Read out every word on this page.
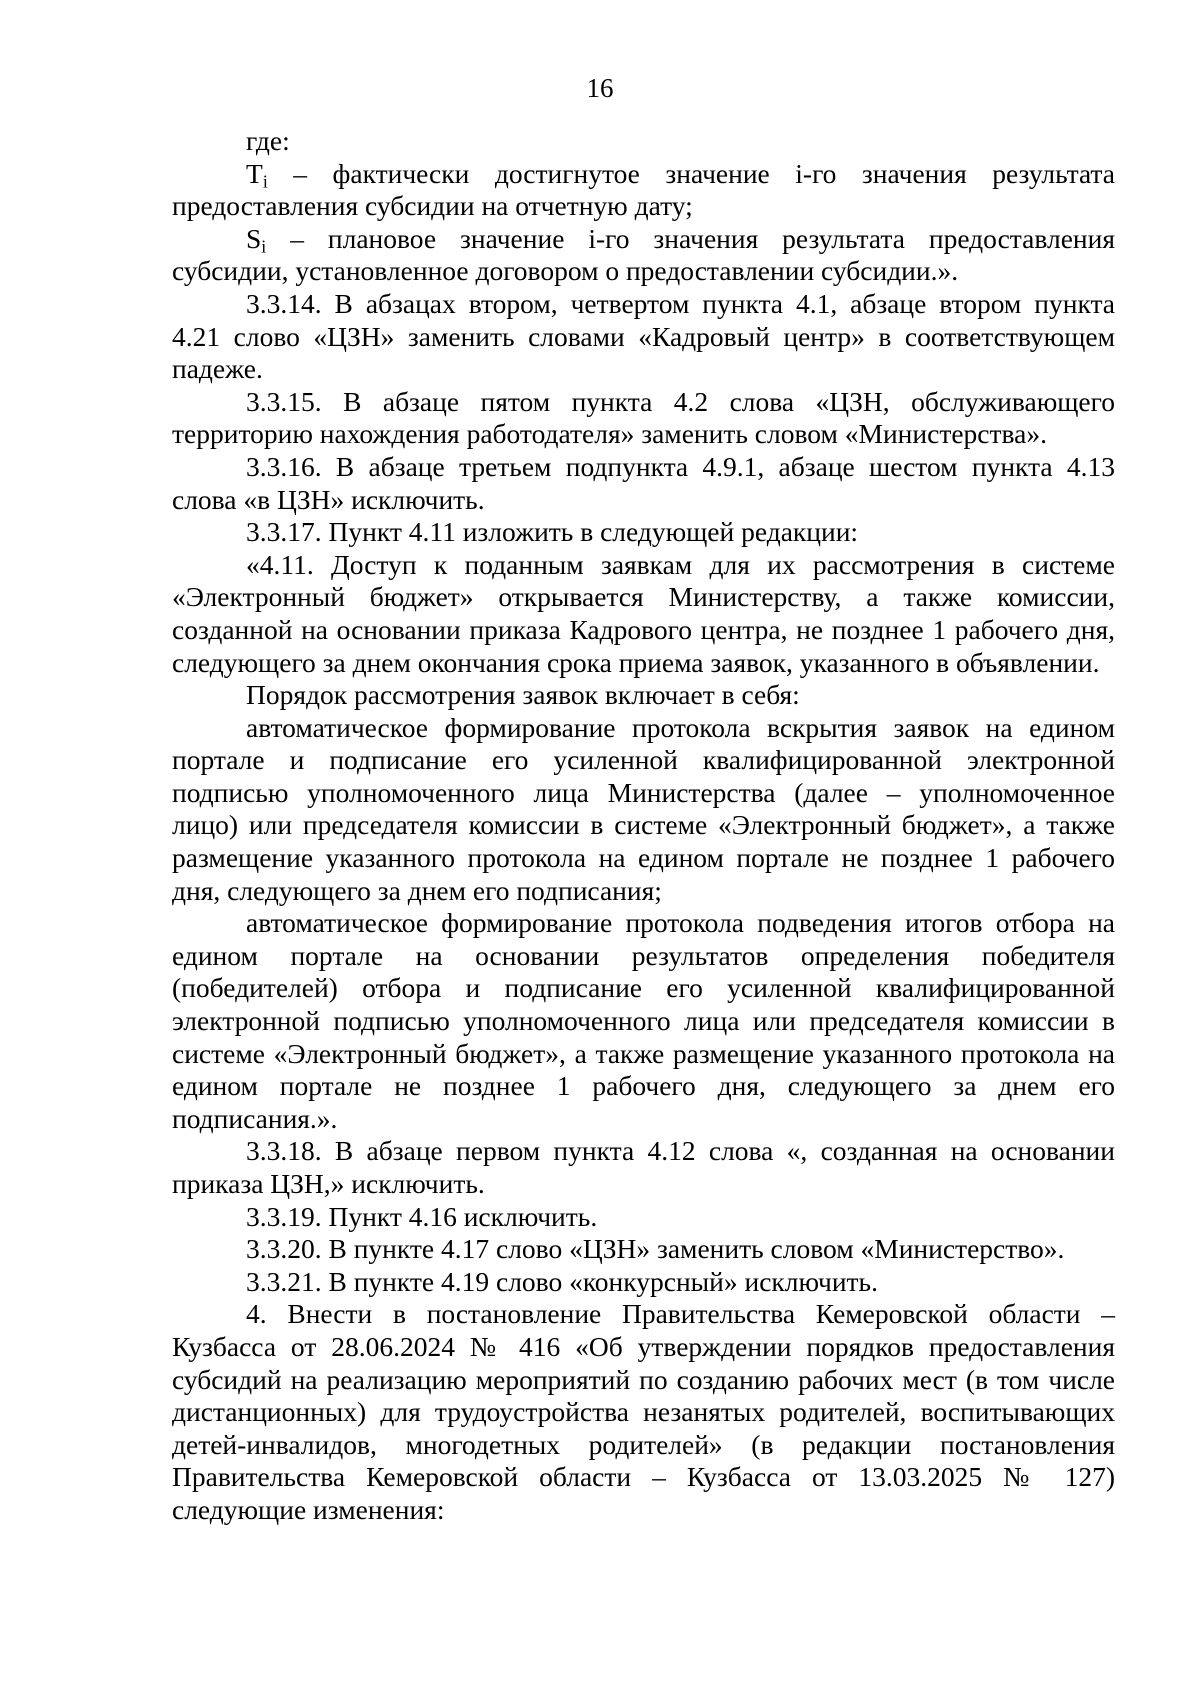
16

где:

$T_i$ – фактически достигнутое значение i-го значения результата предоставления субсидии на отчетную дату;

$S_i$ – плановое значение i-го значения результата предоставления субсидии, установленное договором о предоставлении субсидии.».

3.3.14. В абзацах втором, четвертом пункта 4.1, абзаце втором пункта 4.21 слово «ЦЗН» заменить словами «Кадровый центр» в соответствующем падеже.

3.3.15. В абзаце пятом пункта 4.2 слова «ЦЗН, обслуживающего территорию нахождения работодателя» заменить словом «Министерства».

3.3.16. В абзаце третьем подпункта 4.9.1, абзаце шестом пункта 4.13 слова «в ЦЗН» исключить.

3.3.17. Пункт 4.11 изложить в следующей редакции:

«4.11. Доступ к поданным заявкам для их рассмотрения в системе «Электронный бюджет» открывается Министерству, а также комиссии, созданной на основании приказа Кадрового центра, не позднее 1 рабочего дня, следующего за днем окончания срока приема заявок, указанного в объявлении.

Порядок рассмотрения заявок включает в себя:

автоматическое формирование протокола вскрытия заявок на едином портале и подписание его усиленной квалифицированной электронной подписью уполномоченного лица Министерства (далее – уполномоченное лицо) или председателя комиссии в системе «Электронный бюджет», а также размещение указанного протокола на едином портале не позднее 1 рабочего дня, следующего за днем его подписания;

автоматическое формирование протокола подведения итогов отбора на едином портале на основании результатов определения победителя (победителей) отбора и подписание его усиленной квалифицированной электронной подписью уполномоченного лица или председателя комиссии в системе «Электронный бюджет», а также размещение указанного протокола на едином портале не позднее 1 рабочего дня, следующего за днем его подписания.».

3.3.18. В абзаце первом пункта 4.12 слова «, созданная на основании приказа ЦЗН,» исключить.

3.3.19. Пункт 4.16 исключить.

3.3.20. В пункте 4.17 слово «ЦЗН» заменить словом «Министерство».

3.3.21. В пункте 4.19 слово «конкурсный» исключить.

4. Внести в постановление Правительства Кемеровской области – Кузбасса от 28.06.2024 № 416 «Об утверждении порядков предоставления субсидий на реализацию мероприятий по созданию рабочих мест (в том числе дистанционных) для трудоустройства незанятых родителей, воспитывающих детей-инвалидов, многодетных родителей» (в редакции постановления Правительства Кемеровской области – Кузбасса от 13.03.2025 № 127) следующие изменения:
